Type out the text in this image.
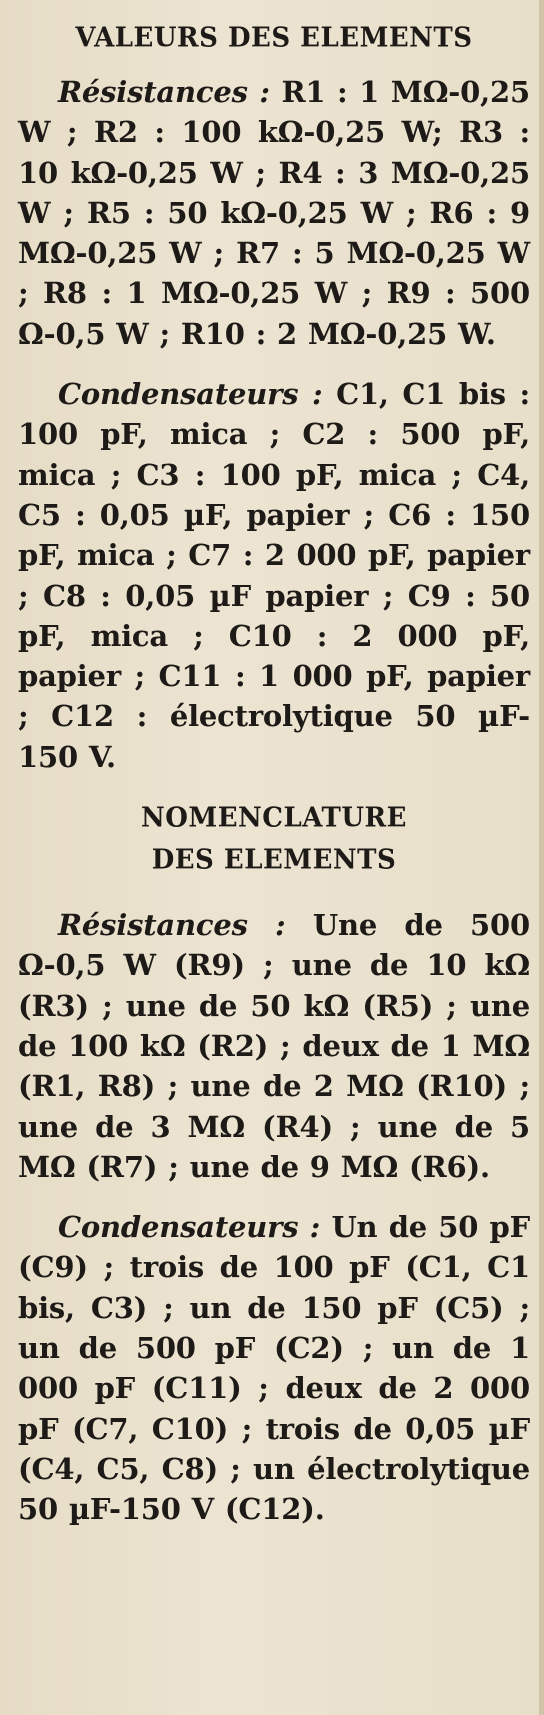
VALEURS DES ELEMENTS

Résistances : R1 : 1 MΩ-0,25 W ; R2 : 100 kΩ-0,25 W; R3 : 10 kΩ-0,25 W ; R4 : 3 MΩ-0,25 W ; R5 : 50 kΩ-0,25 W ; R6 : 9 MΩ-0,25 W ; R7 : 5 MΩ-0,25 W ; R8 : 1 MΩ-0,25 W ; R9 : 500 Ω-0,5 W ; R10 : 2 MΩ-0,25 W.

Condensateurs : C1, C1 bis : 100 pF, mica ; C2 : 500 pF, mica ; C3 : 100 pF, mica ; C4, C5 : 0,05 µF, papier ; C6 : 150 pF, mica ; C7 : 2 000 pF, papier ; C8 : 0,05 µF papier ; C9 : 50 pF, mica ; C10 : 2 000 pF, papier ; C11 : 1 000 pF, papier ; C12 : électrolytique 50 µF-150 V.

NOMENCLATURE
DES ELEMENTS

Résistances : Une de 500 Ω-0,5 W (R9) ; une de 10 kΩ (R3) ; une de 50 kΩ (R5) ; une de 100 kΩ (R2) ; deux de 1 MΩ (R1, R8) ; une de 2 MΩ (R10) ; une de 3 MΩ (R4) ; une de 5 MΩ (R7) ; une de 9 MΩ (R6).

Condensateurs : Un de 50 pF (C9) ; trois de 100 pF (C1, C1 bis, C3) ; un de 150 pF (C5) ; un de 500 pF (C2) ; un de 1 000 pF (C11) ; deux de 2 000 pF (C7, C10) ; trois de 0,05 µF (C4, C5, C8) ; un électrolytique 50 µF-150 V (C12).
